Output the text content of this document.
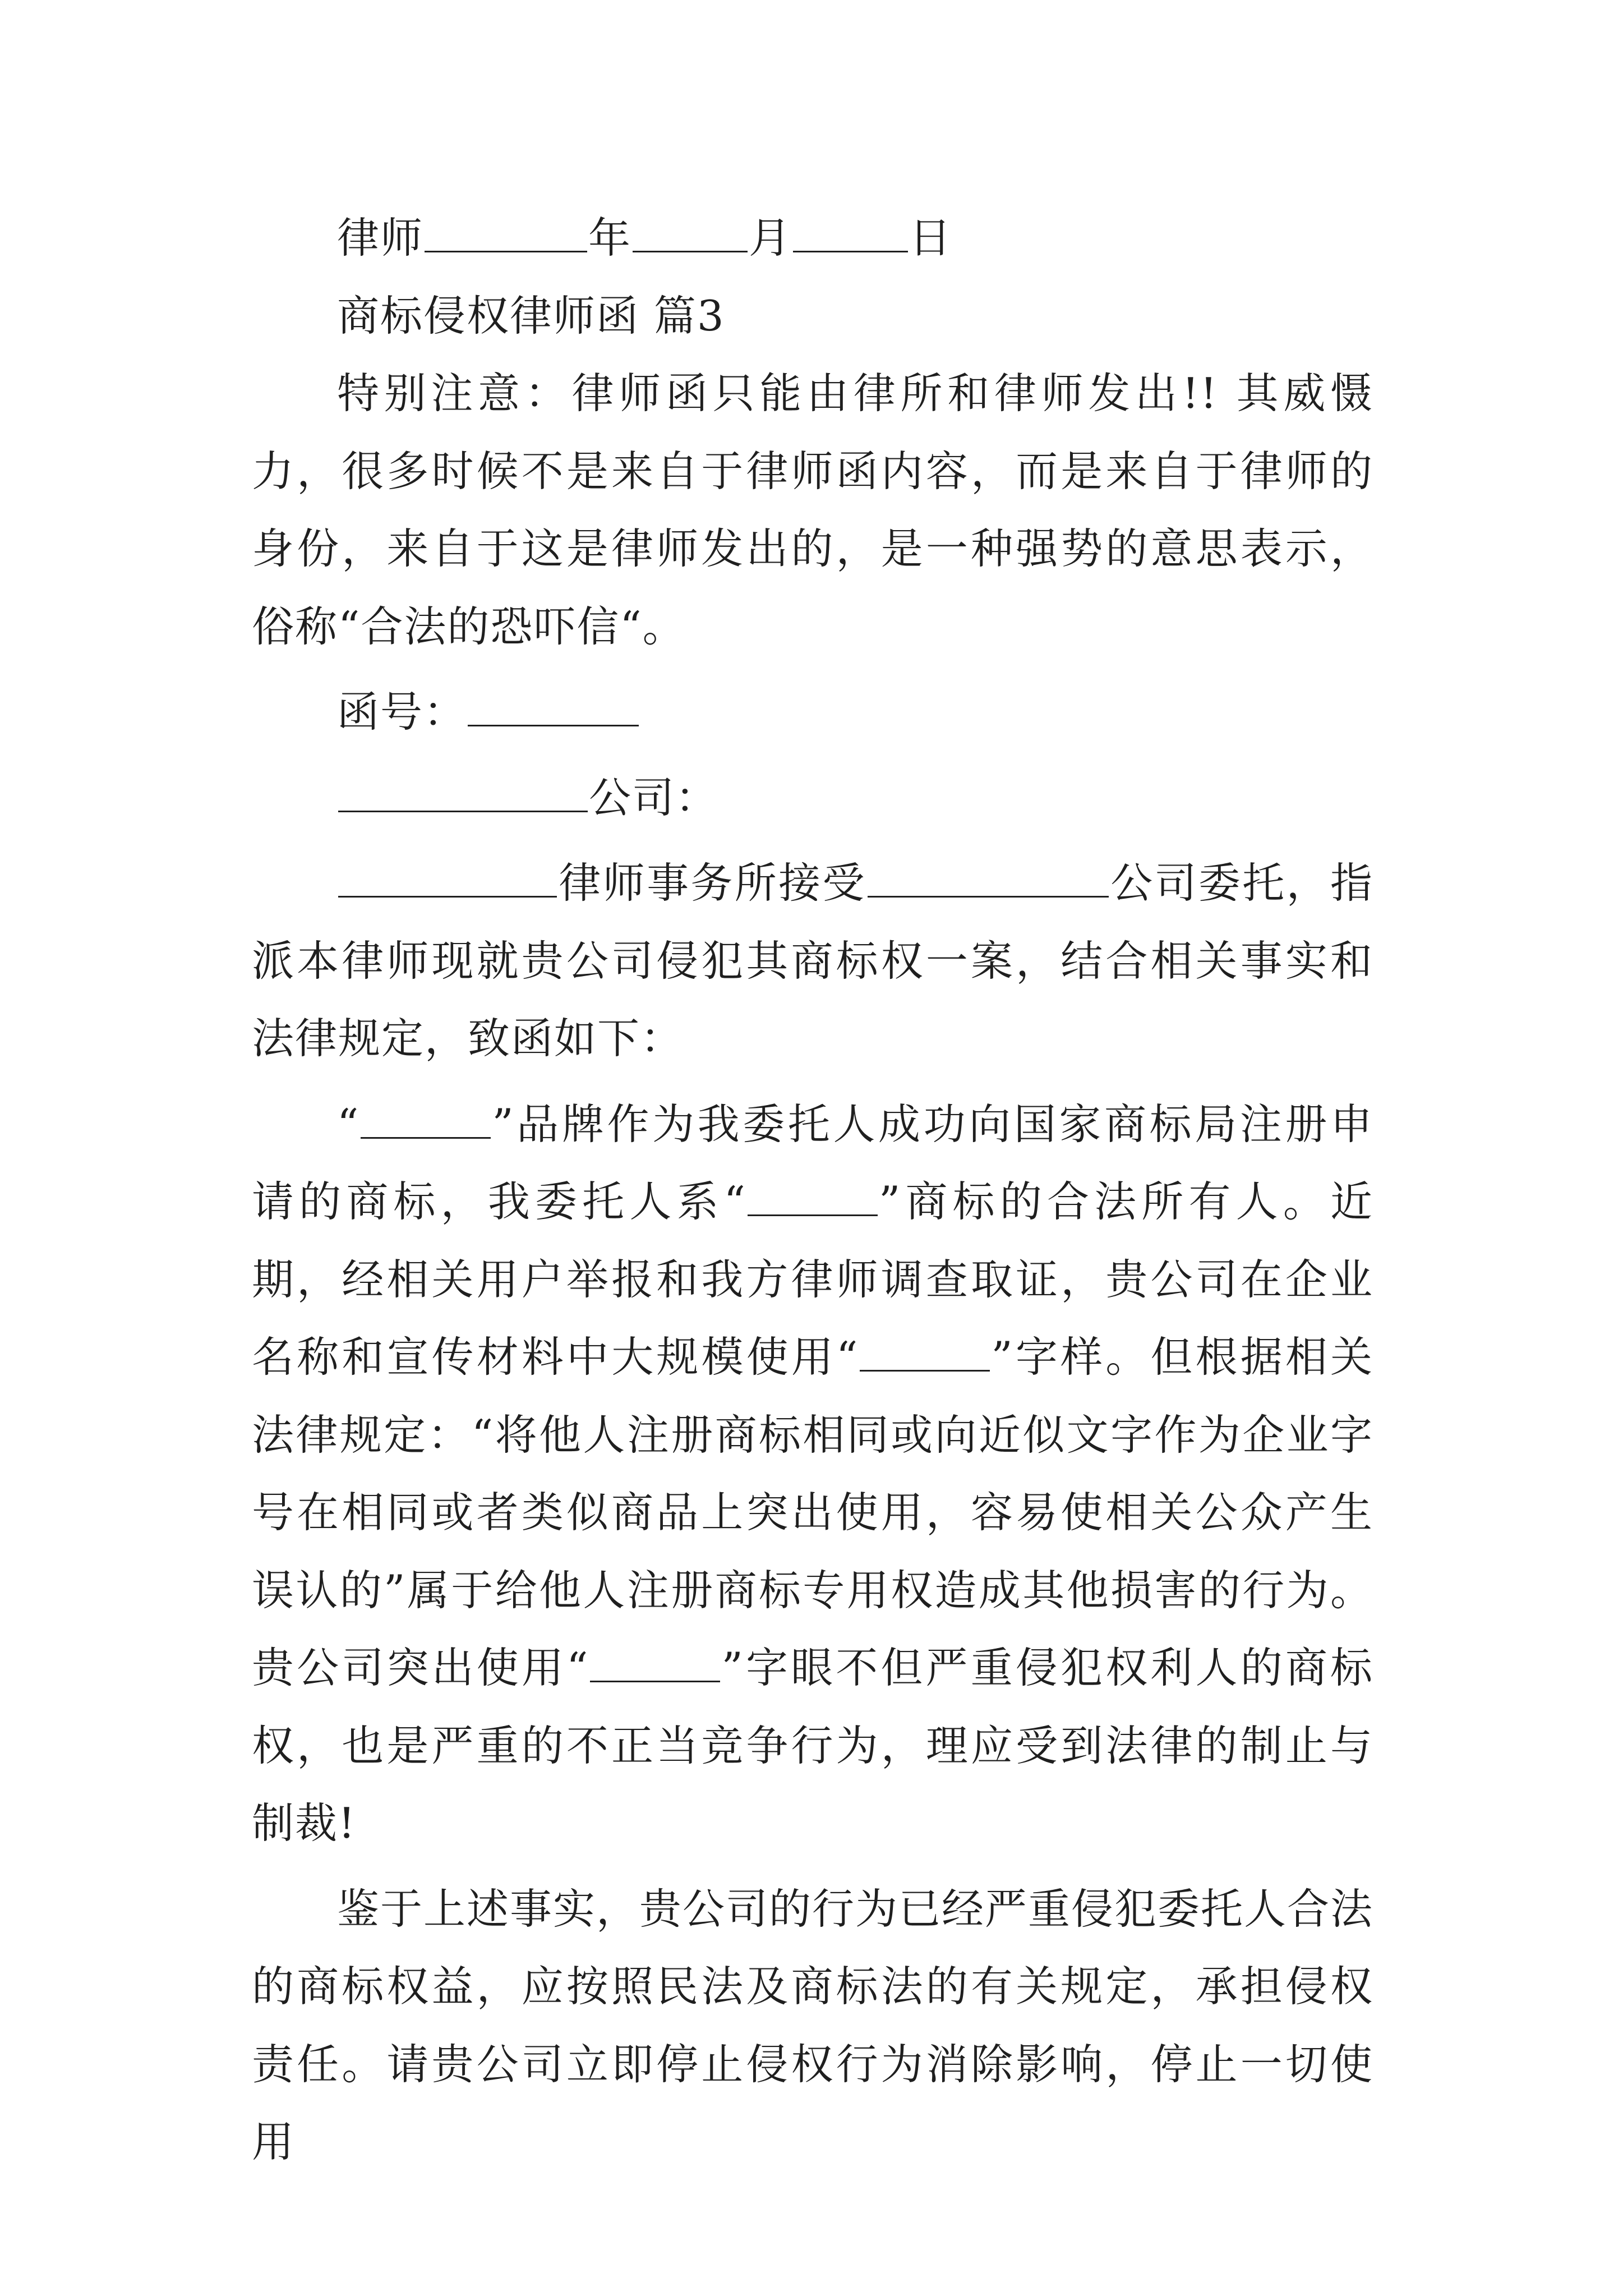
律师	年	月	日

商标侵权律师函 篇3

特别注意：律师函只能由律所和律师发出!! 其威慑力，很多时候不是来自于律师函内容，而是来自于律师的身份，来自于这是律师发出的，是一种强势的意思表示，俗称“合法的恐吓信“。

函号：

公司：

律师事务所接受	公司委托，指派本律师现就贵公司侵犯其商标权一案，结合相关事实和法律规定，致函如下：

“	”品牌作为我委托人成功向国家商标局注册申请的商标，我委托人系“	”商标的合法所有人。近期，经相关用户举报和我方律师调查取证，贵公司在企业名称和宣传材料中大规模使用“	”字样。但根据相关法律规定：“将他人注册商标相同或向近似文字作为企业字号在相同或者类似商品上突出使用，容易使相关公众产生误认的”属于给他人注册商标专用权造成其他损害的行为。贵公司突出使用“	”字眼不但严重侵犯权利人的商标权，也是严重的不正当竞争行为，理应受到法律的制止与制裁!

鉴于上述事实，贵公司的行为已经严重侵犯委托人合法的商标权益，应按照民法及商标法的有关规定，承担侵权责任。请贵公司立即停止侵权行为消除影响，停止一切使用
